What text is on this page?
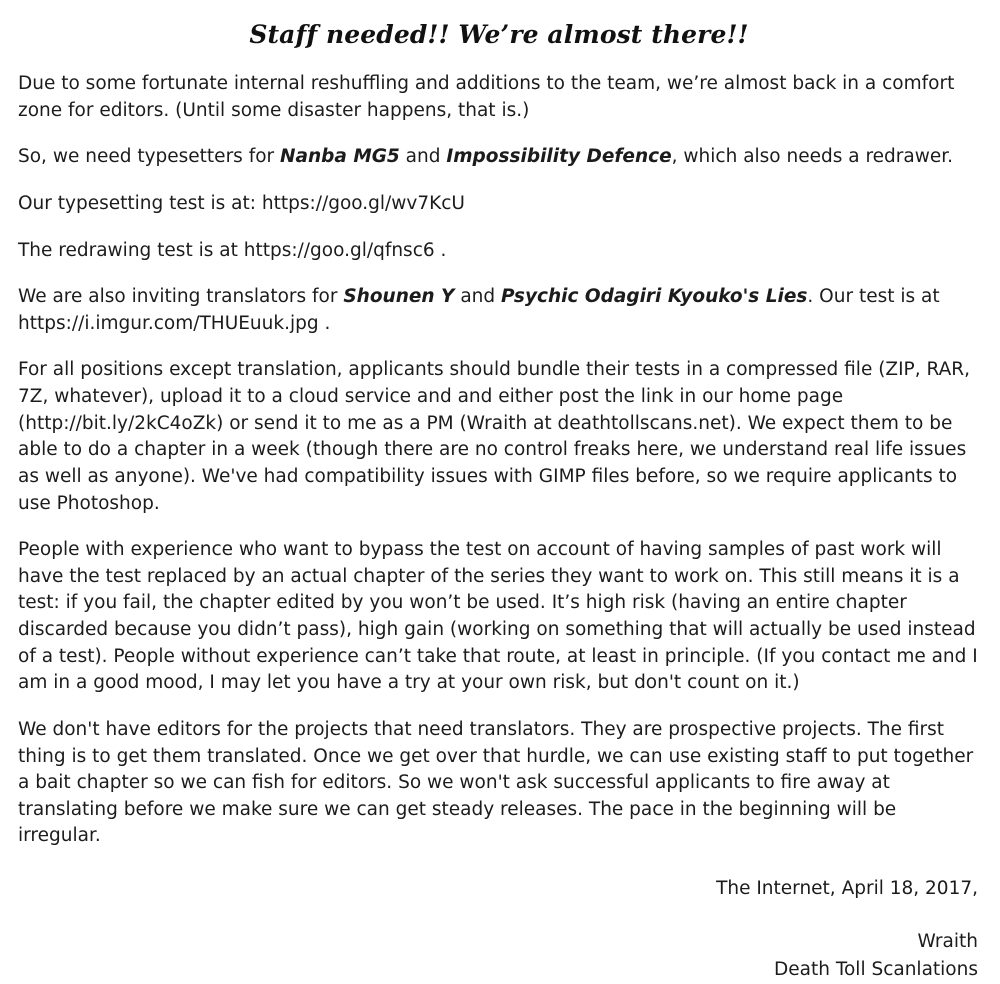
Staff needed!! We’re almost there!!

Due to some fortunate internal reshuffling and additions to the team, we’re almost back in a comfort zone for editors. (Until some disaster happens, that is.)

So, we need typesetters for Nanba MG5 and Impossibility Defence, which also needs a redrawer.

Our typesetting test is at: https://goo.gl/wv7KcU

The redrawing test is at https://goo.gl/qfnsc6 .

We are also inviting translators for Shounen Y and Psychic Odagiri Kyouko's Lies. Our test is at https://i.imgur.com/THUEuuk.jpg .

For all positions except translation, applicants should bundle their tests in a compressed file (ZIP, RAR, 7Z, whatever), upload it to a cloud service and and either post the link in our home page (http://bit.ly/2kC4oZk) or send it to me as a PM (Wraith at deathtollscans.net). We expect them to be able to do a chapter in a week (though there are no control freaks here, we understand real life issues as well as anyone). We've had compatibility issues with GIMP files before, so we require applicants to use Photoshop.

People with experience who want to bypass the test on account of having samples of past work will have the test replaced by an actual chapter of the series they want to work on. This still means it is a test: if you fail, the chapter edited by you won’t be used. It’s high risk (having an entire chapter discarded because you didn’t pass), high gain (working on something that will actually be used instead of a test). People without experience can’t take that route, at least in principle. (If you contact me and I am in a good mood, I may let you have a try at your own risk, but don't count on it.)

We don't have editors for the projects that need translators. They are prospective projects. The first thing is to get them translated. Once we get over that hurdle, we can use existing staff to put together a bait chapter so we can fish for editors. So we won't ask successful applicants to fire away at translating before we make sure we can get steady releases. The pace in the beginning will be irregular.

The Internet, April 18, 2017,
Wraith
Death Toll Scanlations
